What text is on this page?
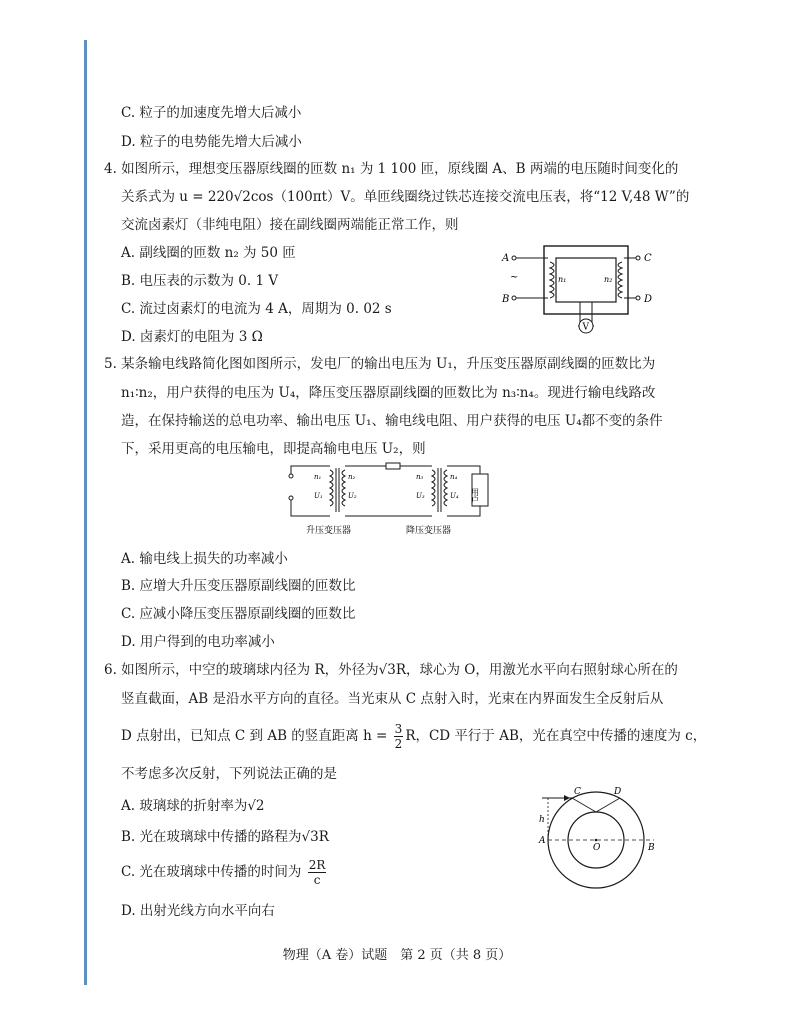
C. 粒子的加速度先增大后减小
D. 粒子的电势能先增大后减小
4. 如图所示，理想变压器原线圈的匝数 n₁ 为 1 100 匝，原线圈 A、B 两端的电压随时间变化的
关系式为 u = 220√2cos（100πt）V。单匝线圈绕过铁芯连接交流电压表，将“12 V,48 W”的
交流卤素灯（非纯电阻）接在副线圈两端能正常工作，则
A. 副线圈的匝数 n₂ 为 50 匝
B. 电压表的示数为 0. 1 V
C. 流过卤素灯的电流为 4 A，周期为 0. 02 s
D. 卤素灯的电阻为 3 Ω
A
B
C
D
~	n₁	n₂
V
5. 某条输电线路简化图如图所示，发电厂的输出电压为 U₁，升压变压器原副线圈的匝数比为
n₁∶n₂，用户获得的电压为 U₄，降压变压器原副线圈的匝数比为 n₃∶n₄。现进行输电线路改
造，在保持输送的总电功率、输出电压 U₁、输电线电阻、用户获得的电压 U₄都不变的条件
下，采用更高的电压输电，即提高输电电压 U₂，则
用户
n₁
U₁
n₂
U₂
n₃
U₃
n₄
U₄
升压变压器	降压变压器
A. 输电线上损失的功率减小
B. 应增大升压变压器原副线圈的匝数比
C. 应减小降压变压器原副线圈的匝数比
D. 用户得到的电功率减小
6. 如图所示，中空的玻璃球内径为 R，外径为√3R，球心为 O，用激光水平向右照射球心所在的
竖直截面，AB 是沿水平方向的直径。当光束从 C 点射入时，光束在内界面发生全反射后从
D 点射出，已知点 C 到 AB 的竖直距离 $h = \frac{3}{2}$ R，CD 平行于 AB，光在真空中传播的速度为 c，
不考虑多次反射，下列说法正确的是
A. 玻璃球的折射率为√2
B. 光在玻璃球中传播的路程为√3R
C. 光在玻璃球中传播的时间为 $\frac{2R}{c}$
D. 出射光线方向水平向右
C	D
h
A
O	B
物理（A 卷）试题　第 2 页（共 8 页）
